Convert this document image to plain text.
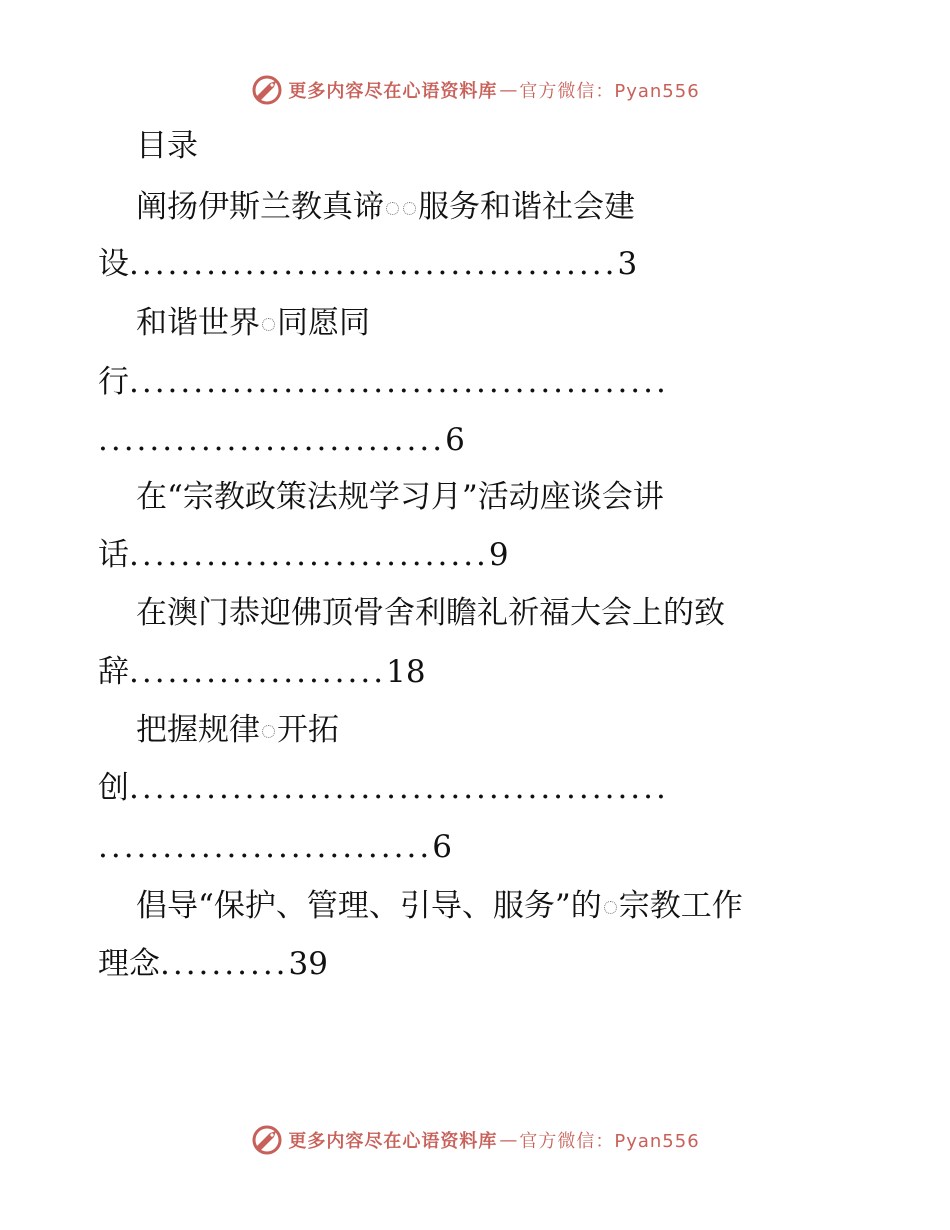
更多内容尽在心语资料库 — 官方微信：Pyan556
目录
阐扬伊斯兰教真谛 服务和谐社会建
设......................................3
和谐世界 同愿同
行..........................................
...........................6
在“宗教政策法规学习月”活动座谈会讲
话............................9
在澳门恭迎佛顶骨舍利瞻礼祈福大会上的致
辞....................18
把握规律 开拓
创..........................................
..........................6
倡导“保护、管理、引导、服务”的 宗教工作
理念..........39
更多内容尽在心语资料库 — 官方微信：Pyan556
